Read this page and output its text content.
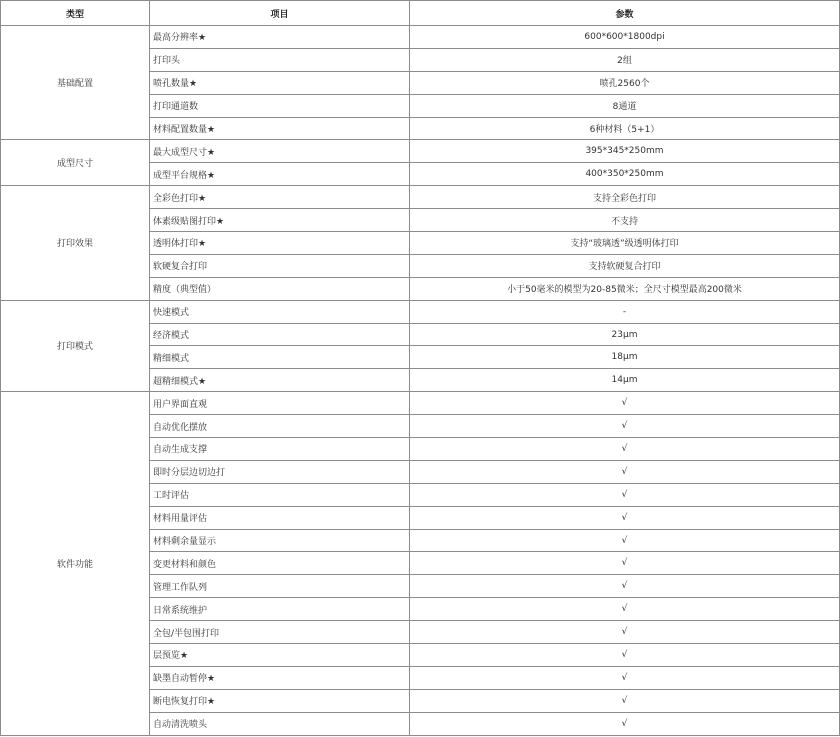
类型	项目	参数
基础配置	最高分辨率★	600*600*1800dpi
	打印头	2组
	喷孔数量★	喷孔2560个
	打印通道数	8通道
	材料配置数量★	6种材料（5+1）
成型尺寸	最大成型尺寸★	395*345*250mm
	成型平台规格★	400*350*250mm
打印效果	全彩色打印★	支持全彩色打印
	体素级贴图打印★	不支持
	透明体打印★	支持“玻璃透”级透明体打印
	软硬复合打印	支持软硬复合打印
	精度（典型值）	小于50毫米的模型为20-85微米；全尺寸模型最高200微米
打印模式	快速模式	-
	经济模式	23μm
	精细模式	18μm
	超精细模式★	14μm
软件功能	用户界面直观	√
	自动优化摆放	√
	自动生成支撑	√
	即时分层边切边打	√
	工时评估	√
	材料用量评估	√
	材料剩余量显示	√
	变更材料和颜色	√
	管理工作队列	√
	日常系统维护	√
	全包/半包围打印	√
	层预览★	√
	缺墨自动暂停★	√
	断电恢复打印★	√
	自动清洗喷头	√
